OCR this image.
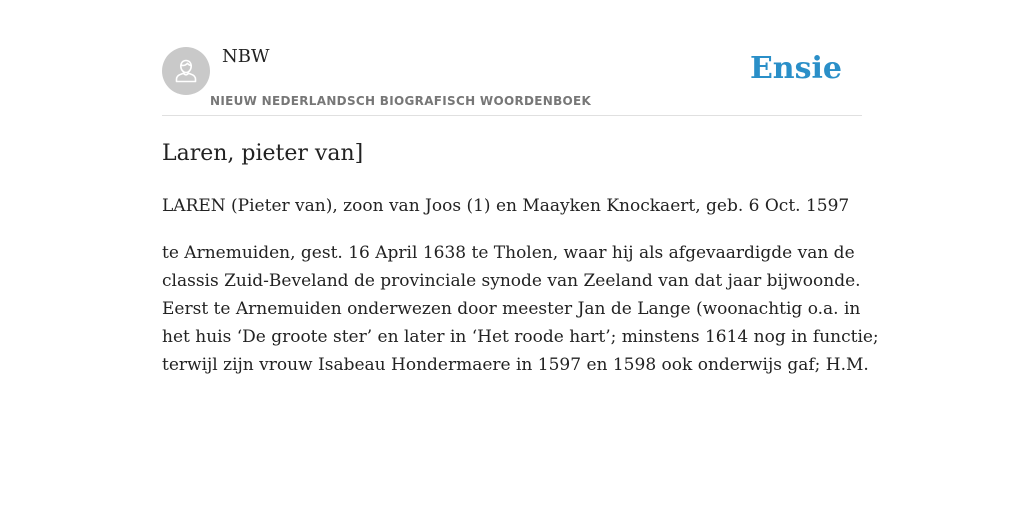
NBW
NIEUW NEDERLANDSCH BIOGRAFISCH WOORDENBOEK
Ensie
Laren, pieter van]

LAREN (Pieter van), zoon van Joos (1) en Maayken Knockaert, geb. 6 Oct. 1597

te Arnemuiden, gest. 16 April 1638 te Tholen, waar hij als afgevaardigde van de
classis Zuid-Beveland de provinciale synode van Zeeland van dat jaar bijwoonde.
Eerst te Arnemuiden onderwezen door meester Jan de Lange (woonachtig o.a. in
het huis ‘De groote ster’ en later in ‘Het roode hart’; minstens 1614 nog in functie;
terwijl zijn vrouw Isabeau Hondermaere in 1597 en 1598 ook onderwijs gaf; H.M.
